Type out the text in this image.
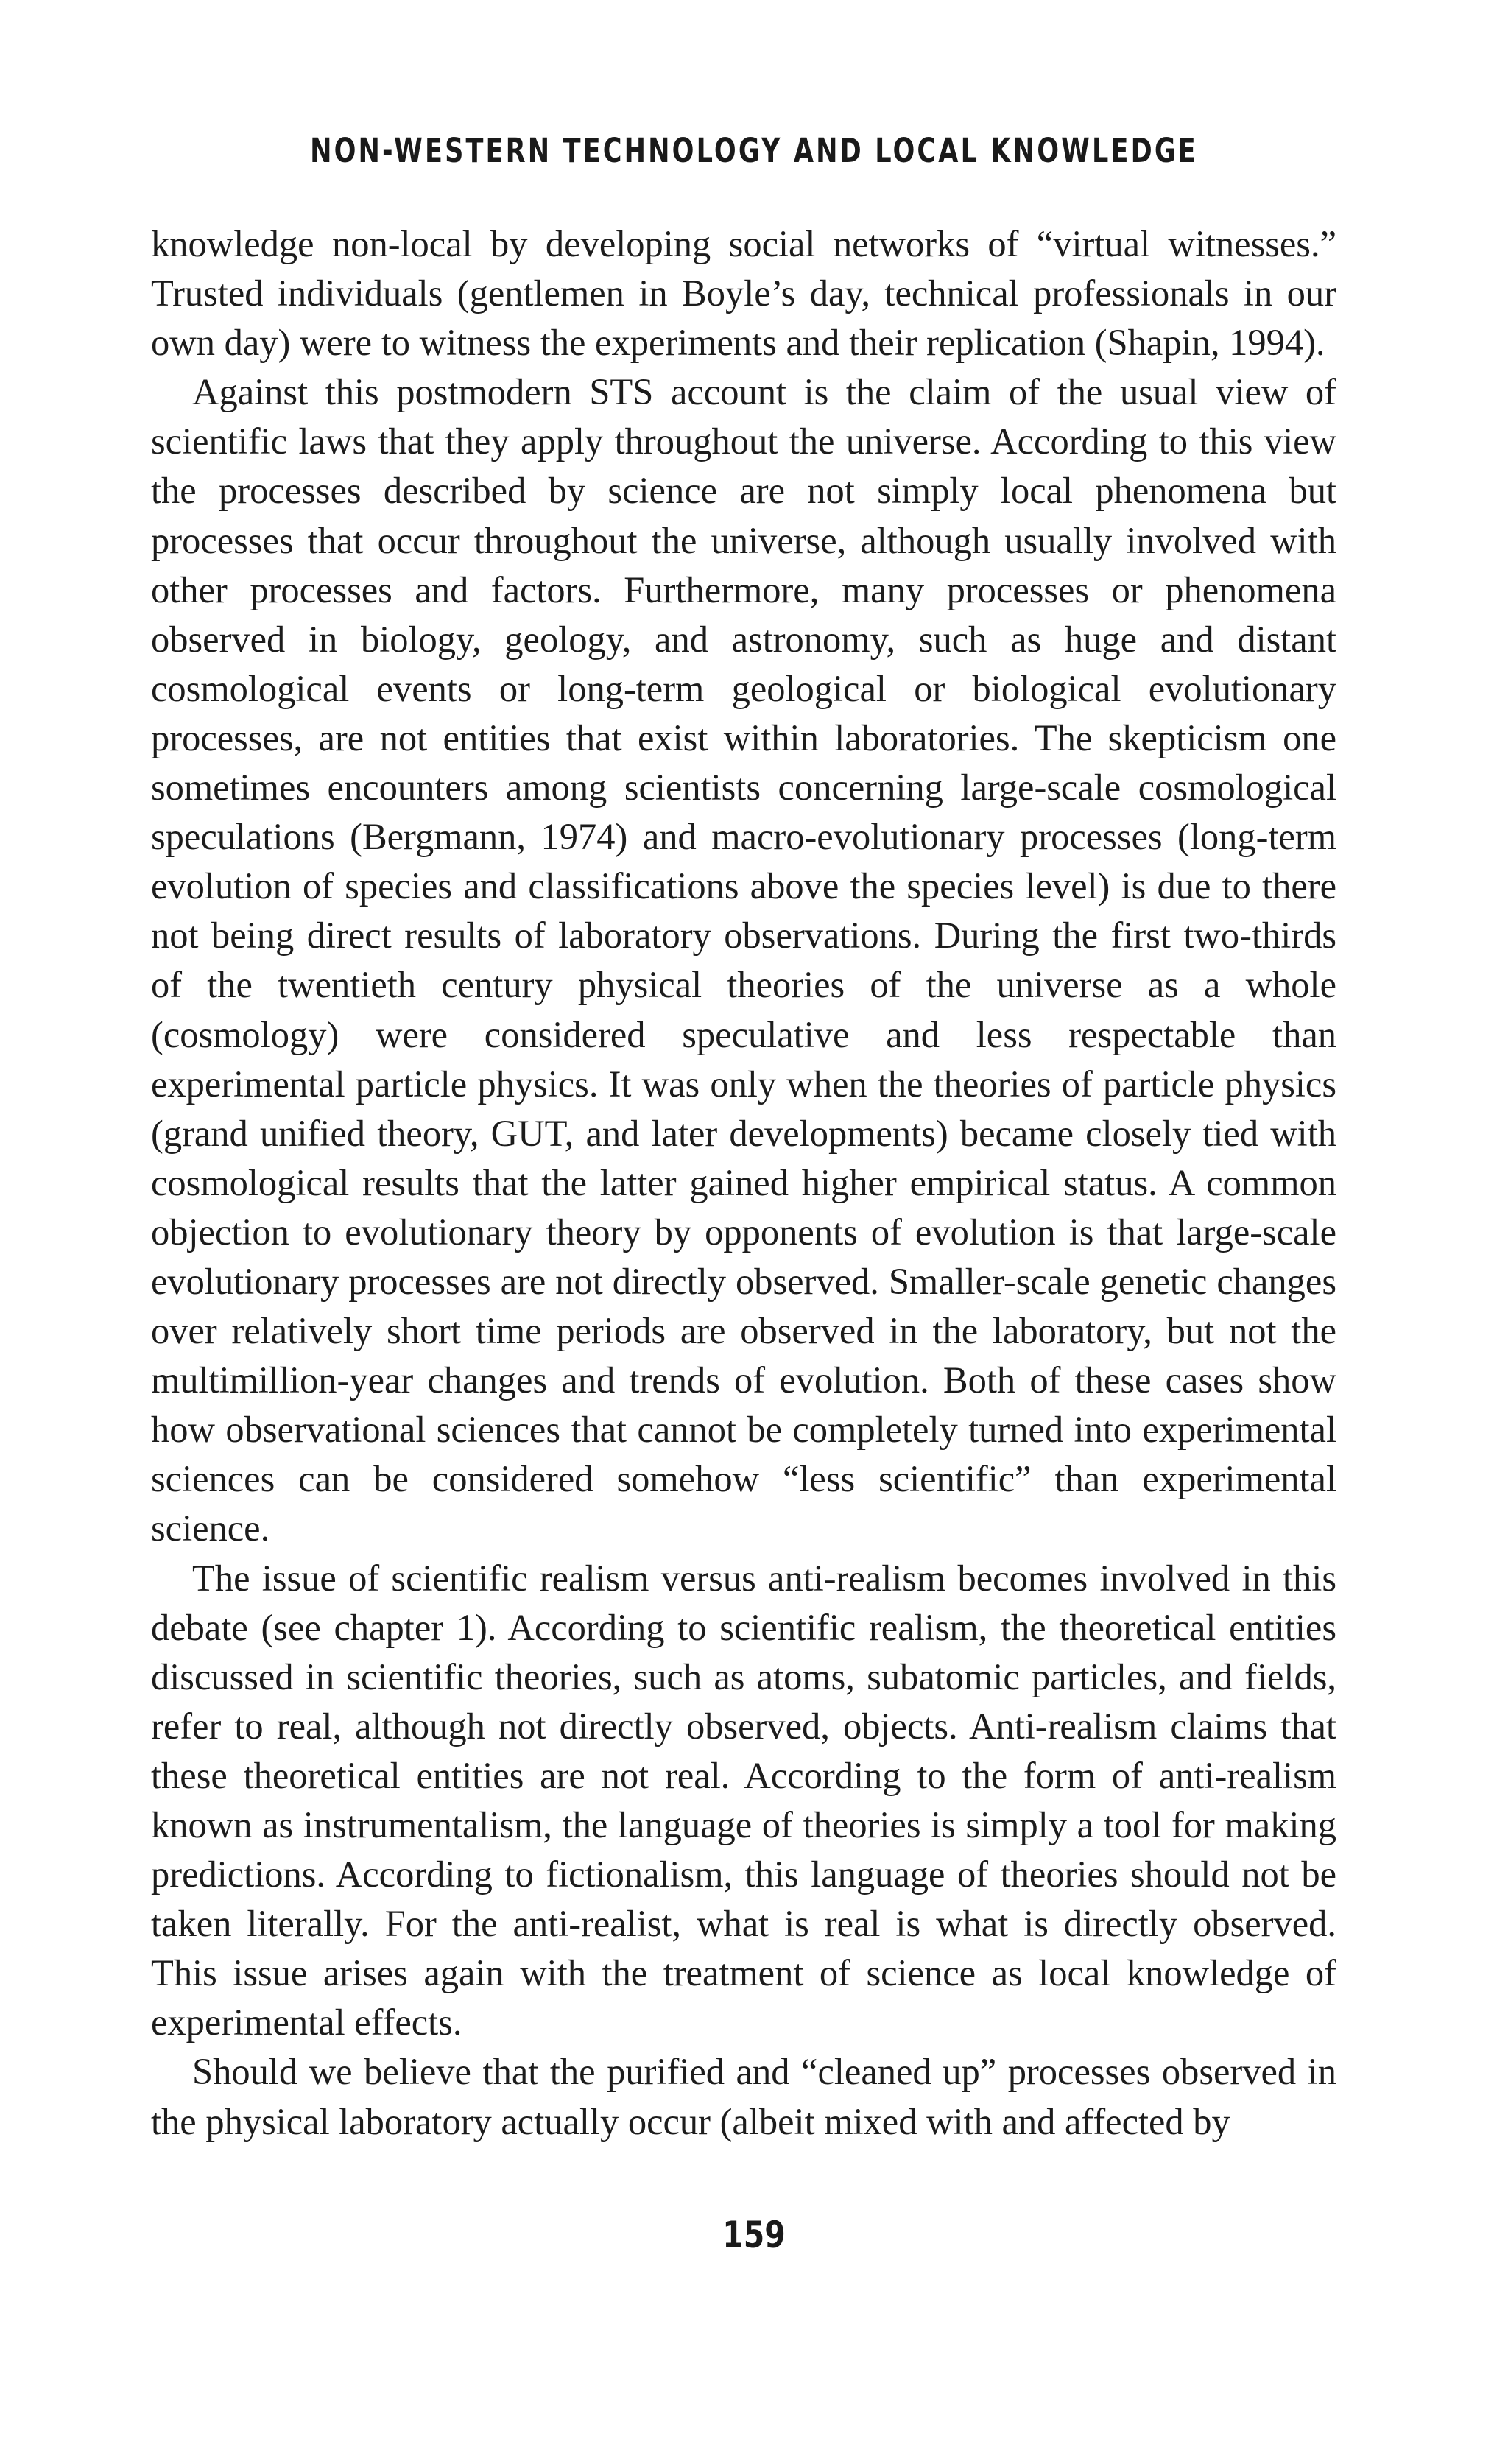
NON-WESTERN TECHNOLOGY AND LOCAL KNOWLEDGE

knowledge non-local by developing social networks of “virtual witnesses.” Trusted individuals (gentlemen in Boyle’s day, technical professionals in our own day) were to witness the experiments and their replication (Shapin, 1994).

Against this postmodern STS account is the claim of the usual view of scientific laws that they apply throughout the universe. According to this view the processes described by science are not simply local phenomena but processes that occur throughout the universe, although usually involved with other processes and factors. Furthermore, many processes or phenomena observed in biology, geology, and astronomy, such as huge and distant cosmological events or long-term geological or biological evolutionary processes, are not entities that exist within laboratories. The skepticism one sometimes encounters among scientists concerning large-scale cosmological speculations (Bergmann, 1974) and macro-evolutionary processes (long-term evolution of species and classifications above the species level) is due to there not being direct results of laboratory observations. During the first two-thirds of the twentieth century physical theories of the universe as a whole (cosmology) were considered speculative and less respectable than experimental particle physics. It was only when the theories of particle physics (grand unified theory, GUT, and later developments) became closely tied with cosmological results that the latter gained higher empirical status. A common objection to evolutionary theory by opponents of evolution is that large-scale evolutionary processes are not directly observed. Smaller-scale genetic changes over relatively short time periods are observed in the laboratory, but not the multimillion-year changes and trends of evolution. Both of these cases show how observational sciences that cannot be completely turned into experimental sciences can be considered somehow “less scientific” than experimental science.

The issue of scientific realism versus anti-realism becomes involved in this debate (see chapter 1). According to scientific realism, the theoretical entities discussed in scientific theories, such as atoms, subatomic particles, and fields, refer to real, although not directly observed, objects. Anti-realism claims that these theoretical entities are not real. According to the form of anti-realism known as instrumentalism, the language of theories is simply a tool for making predictions. According to fictionalism, this language of theories should not be taken literally. For the anti-realist, what is real is what is directly observed. This issue arises again with the treatment of science as local knowledge of experimental effects.

Should we believe that the purified and “cleaned up” processes observed in the physical laboratory actually occur (albeit mixed with and affected by

159
